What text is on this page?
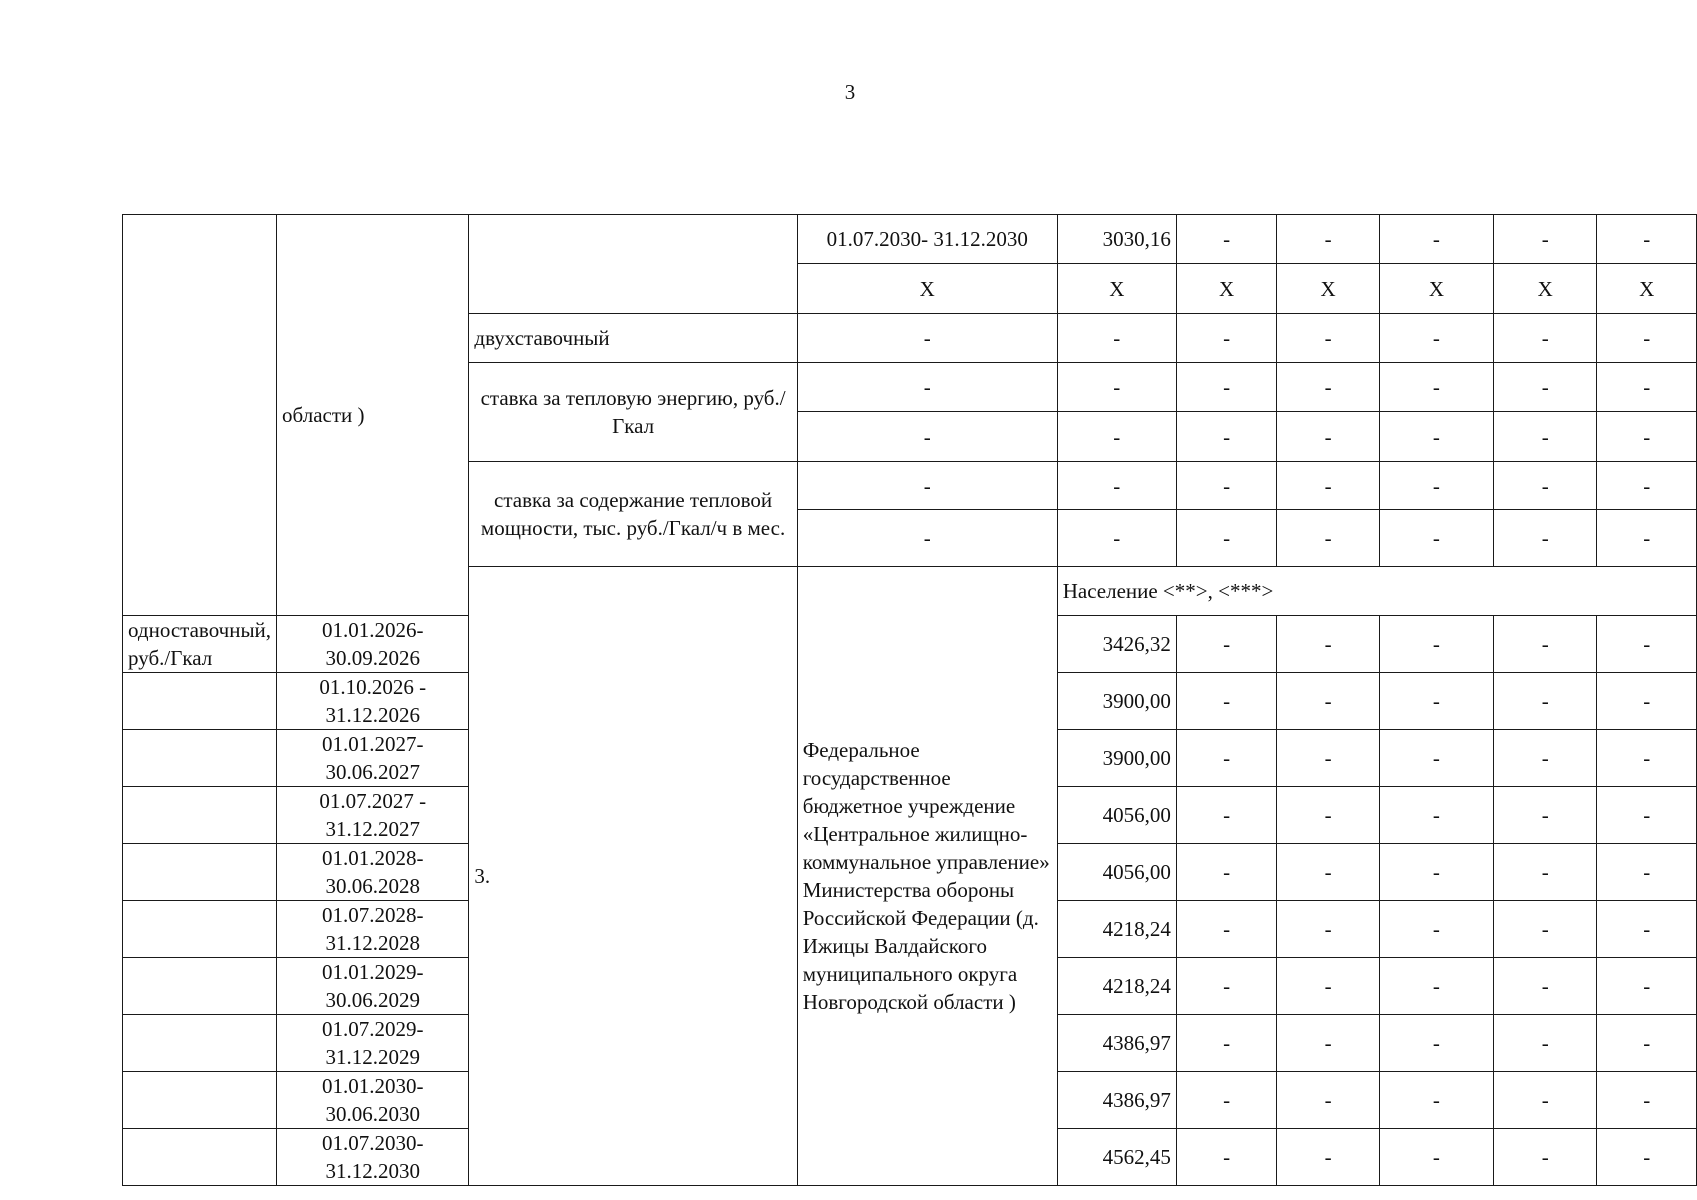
3
	области )		01.07.2030- 31.12.2030	3030,16	-	-	-	-	-
			X	X	X	X	X	X	X
		двухставочный	-	-	-	-	-	-	-
		ставка за тепловую энергию, руб./Гкал	-	-	-	-	-	-	-
			-	-	-	-	-	-	-
		ставка за содержание тепловой мощности, тыс. руб./Гкал/ч в мес.	-	-	-	-	-	-	-
			-	-	-	-	-	-	-
		3.	Федеральное государственное бюджетное учреждение «Центральное жилищно-коммунальное управление» Министерства обороны Российской Федерации (д. Ижицы Валдайского муниципального округа Новгородской области )	Население <**>, <***>					
одноставочный, руб./Гкал	01.01.2026- 30.09.2026			3426,32	-	-	-	-	-
	01.10.2026 - 31.12.2026			3900,00	-	-	-	-	-
	01.01.2027- 30.06.2027			3900,00	-	-	-	-	-
	01.07.2027 - 31.12.2027			4056,00	-	-	-	-	-
	01.01.2028- 30.06.2028			4056,00	-	-	-	-	-
	01.07.2028- 31.12.2028			4218,24	-	-	-	-	-
	01.01.2029- 30.06.2029			4218,24	-	-	-	-	-
	01.07.2029- 31.12.2029			4386,97	-	-	-	-	-
	01.01.2030- 30.06.2030			4386,97	-	-	-	-	-
	01.07.2030- 31.12.2030			4562,45	-	-	-	-	-
